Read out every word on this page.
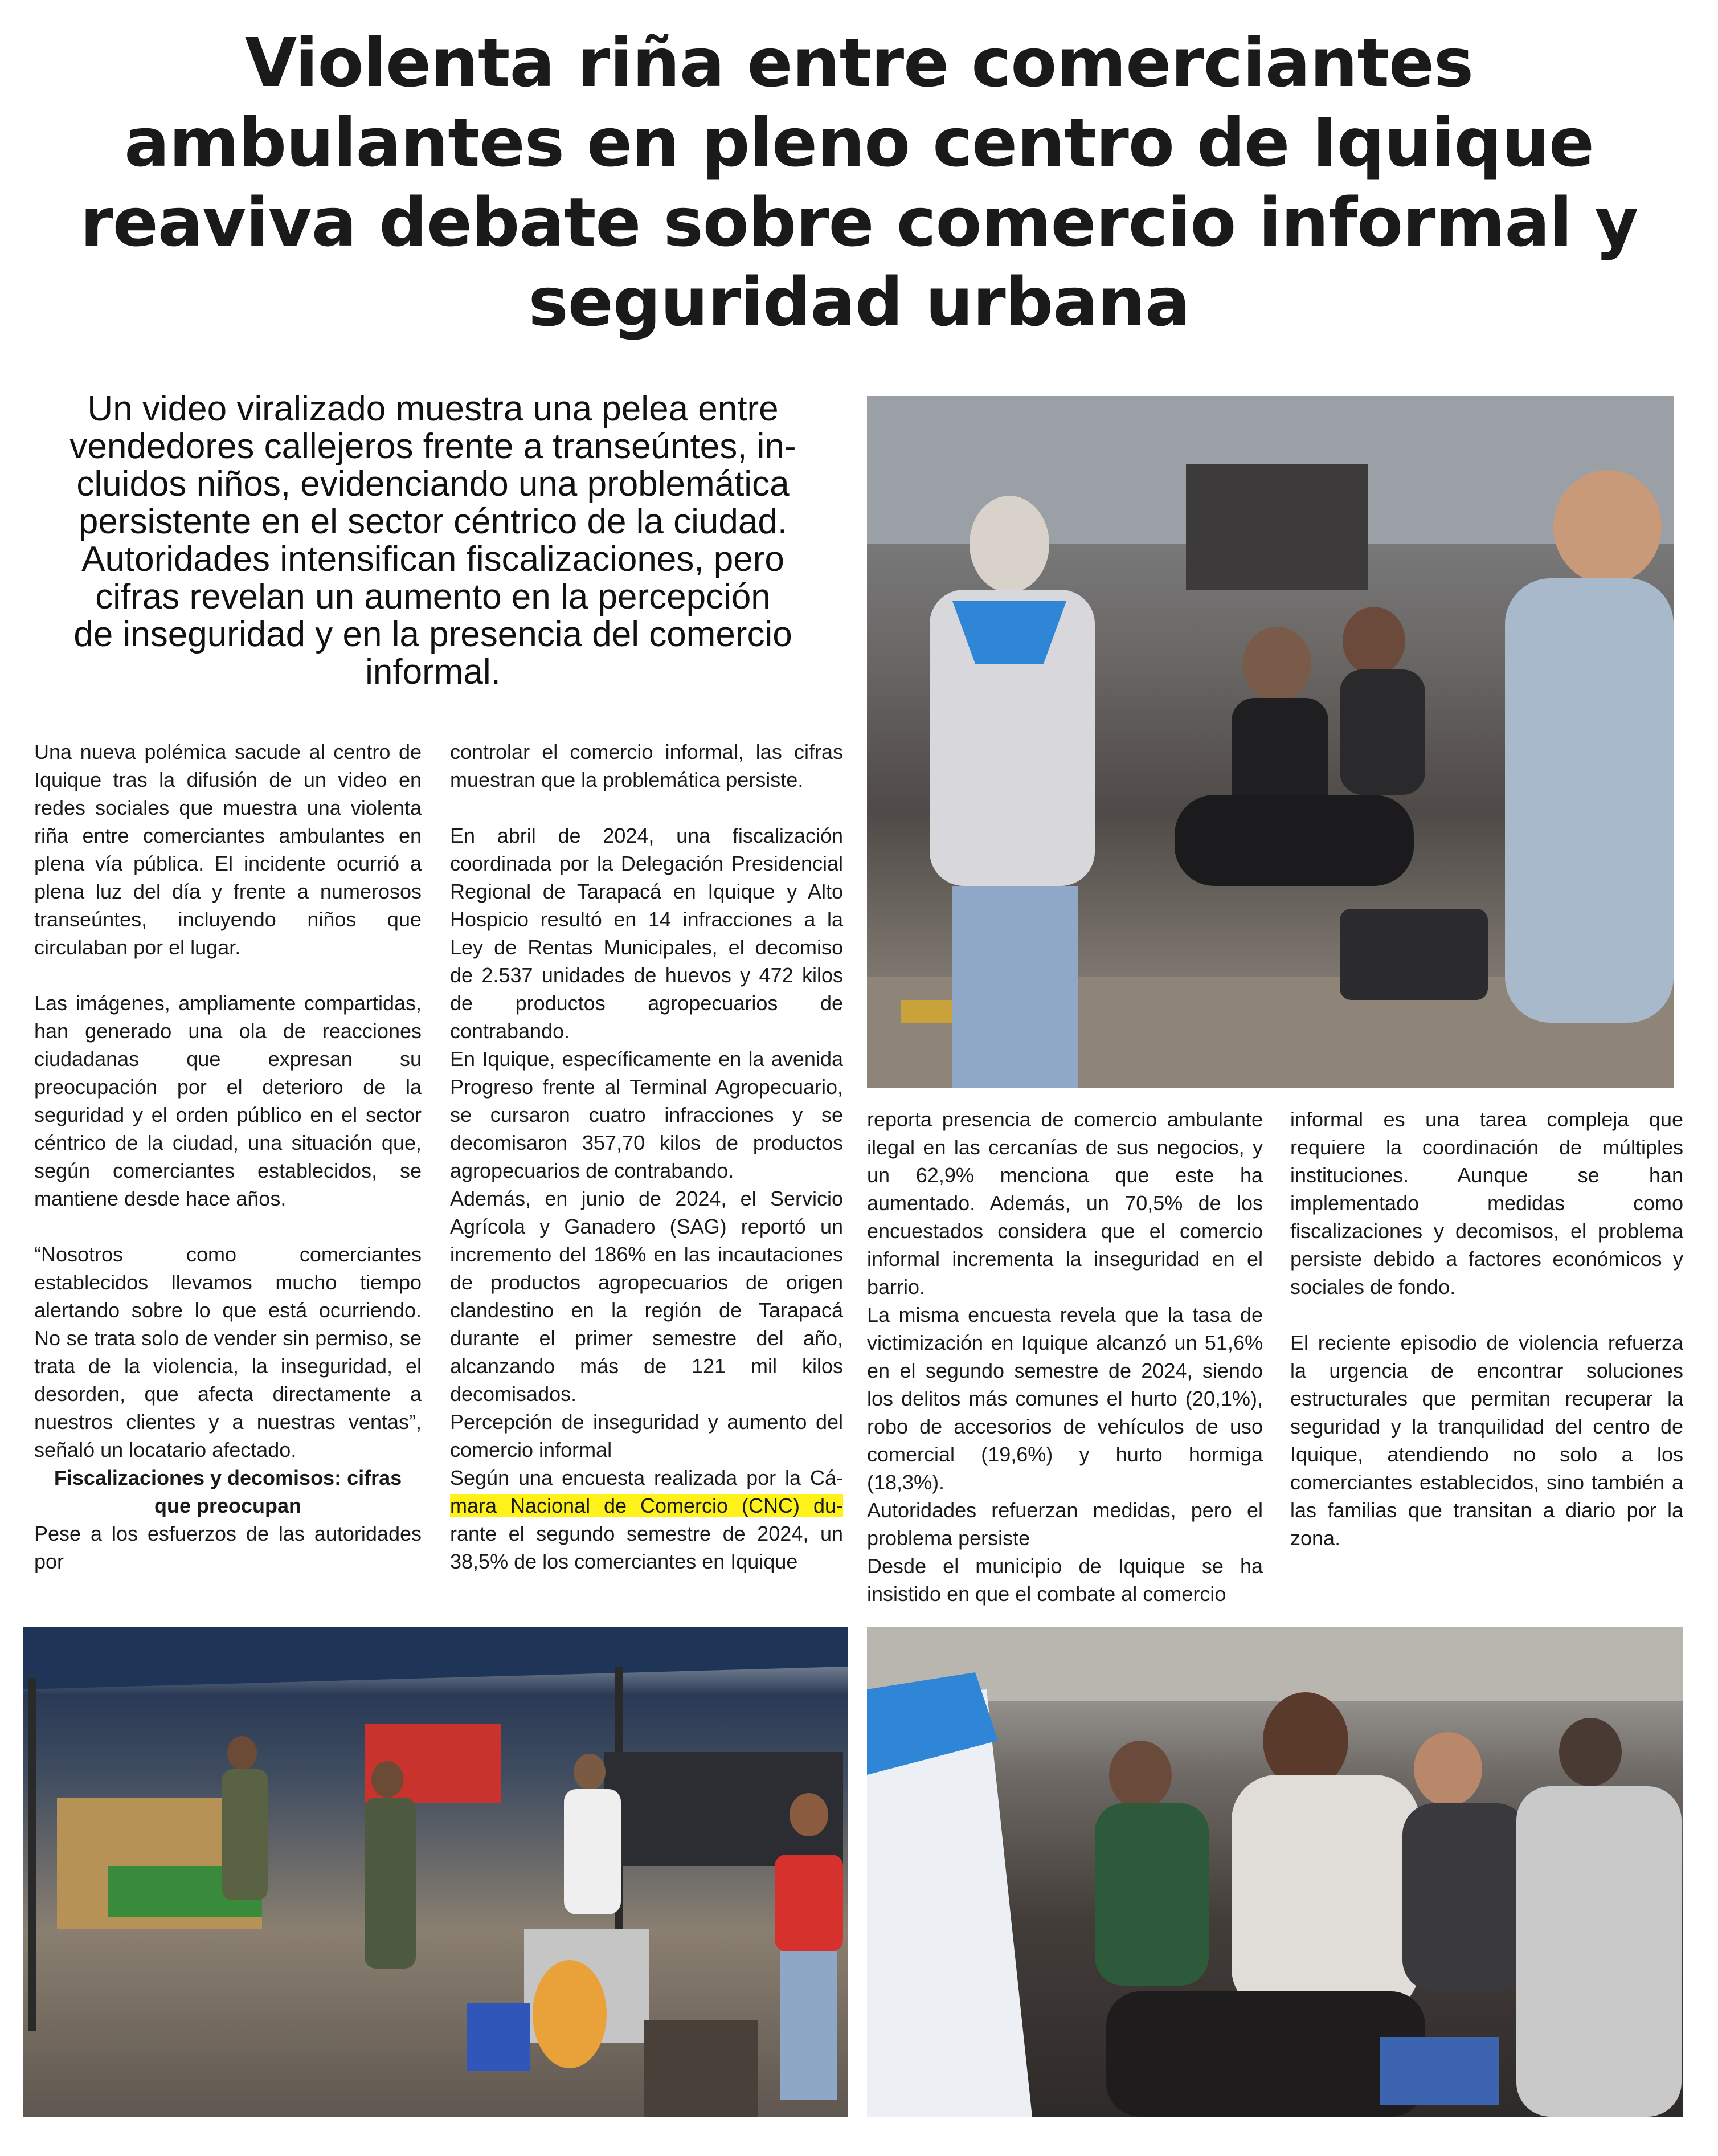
Violenta riña entre comerciantes
ambulantes en pleno centro de Iquique
reaviva debate sobre comercio informal y
seguridad urbana
Un video viralizado muestra una pelea entre
vendedores callejeros frente a transeúntes, in-
cluidos niños, evidenciando una problemática
persistente en el sector céntrico de la ciudad.
Autoridades intensifican fiscalizaciones, pero
cifras revelan un aumento en la percepción
de inseguridad y en la presencia del comercio
informal.

Una nueva polémica sacude al centro de Iquique tras la difusión de un video en redes sociales que muestra una violenta riña entre comerciantes ambulantes en plena vía pública. El incidente ocurrió a plena luz del día y frente a numerosos transeúntes, incluyendo niños que circulaban por el lugar.

Las imágenes, ampliamente compartidas, han generado una ola de reacciones ciudadanas que expresan su preocupación por el deterioro de la seguridad y el orden público en el sector céntrico de la ciudad, una situación que, según comerciantes establecidos, se mantiene desde hace años.

“Nosotros como comerciantes establecidos llevamos mucho tiempo alertando sobre lo que está ocurriendo. No se trata solo de vender sin permiso, se trata de la violencia, la inseguridad, el desorden, que afecta directamente a nuestros clientes y a nuestras ventas”, señaló un locatario afectado.

Fiscalizaciones y decomisos: cifras que preocupan

Pese a los esfuerzos de las autoridades por

controlar el comercio informal, las cifras muestran que la problemática persiste.

En abril de 2024, una fiscalización coordinada por la Delegación Presidencial Regional de Tarapacá en Iquique y Alto Hospicio resultó en 14 infracciones a la Ley de Rentas Municipales, el decomiso de 2.537 unidades de huevos y 472 kilos de productos agropecuarios de contrabando.

En Iquique, específicamente en la avenida Progreso frente al Terminal Agropecuario, se cursaron cuatro infracciones y se decomisaron 357,70 kilos de productos agropecuarios de contrabando.

Además, en junio de 2024, el Servicio Agrícola y Ganadero (SAG) reportó un incremento del 186% en las incautaciones de productos agropecuarios de origen clandestino en la región de Tarapacá durante el primer semestre del año, alcanzando más de 121 mil kilos decomisados.

Percepción de inseguridad y aumento del comercio informal

Según una encuesta realizada por la Cá- mara Nacional de Comercio (CNC) du- rante el segundo semestre de 2024, un 38,5% de los comerciantes en Iquique

reporta presencia de comercio ambulante ilegal en las cercanías de sus negocios, y un 62,9% menciona que este ha aumentado. Además, un 70,5% de los encuestados considera que el comercio informal incrementa la inseguridad en el barrio.

La misma encuesta revela que la tasa de victimización en Iquique alcanzó un 51,6% en el segundo semestre de 2024, siendo los delitos más comunes el hurto (20,1%), robo de accesorios de vehículos de uso comercial (19,6%) y hurto hormiga (18,3%).

Autoridades refuerzan medidas, pero el problema persiste

Desde el municipio de Iquique se ha insistido en que el combate al comercio

informal es una tarea compleja que requiere la coordinación de múltiples instituciones. Aunque se han implementado medidas como fiscalizaciones y decomisos, el problema persiste debido a factores económicos y sociales de fondo.

El reciente episodio de violencia refuerza la urgencia de encontrar soluciones estructurales que permitan recuperar la seguridad y la tranquilidad del centro de Iquique, atendiendo no solo a los comerciantes establecidos, sino también a las familias que transitan a diario por la zona.
